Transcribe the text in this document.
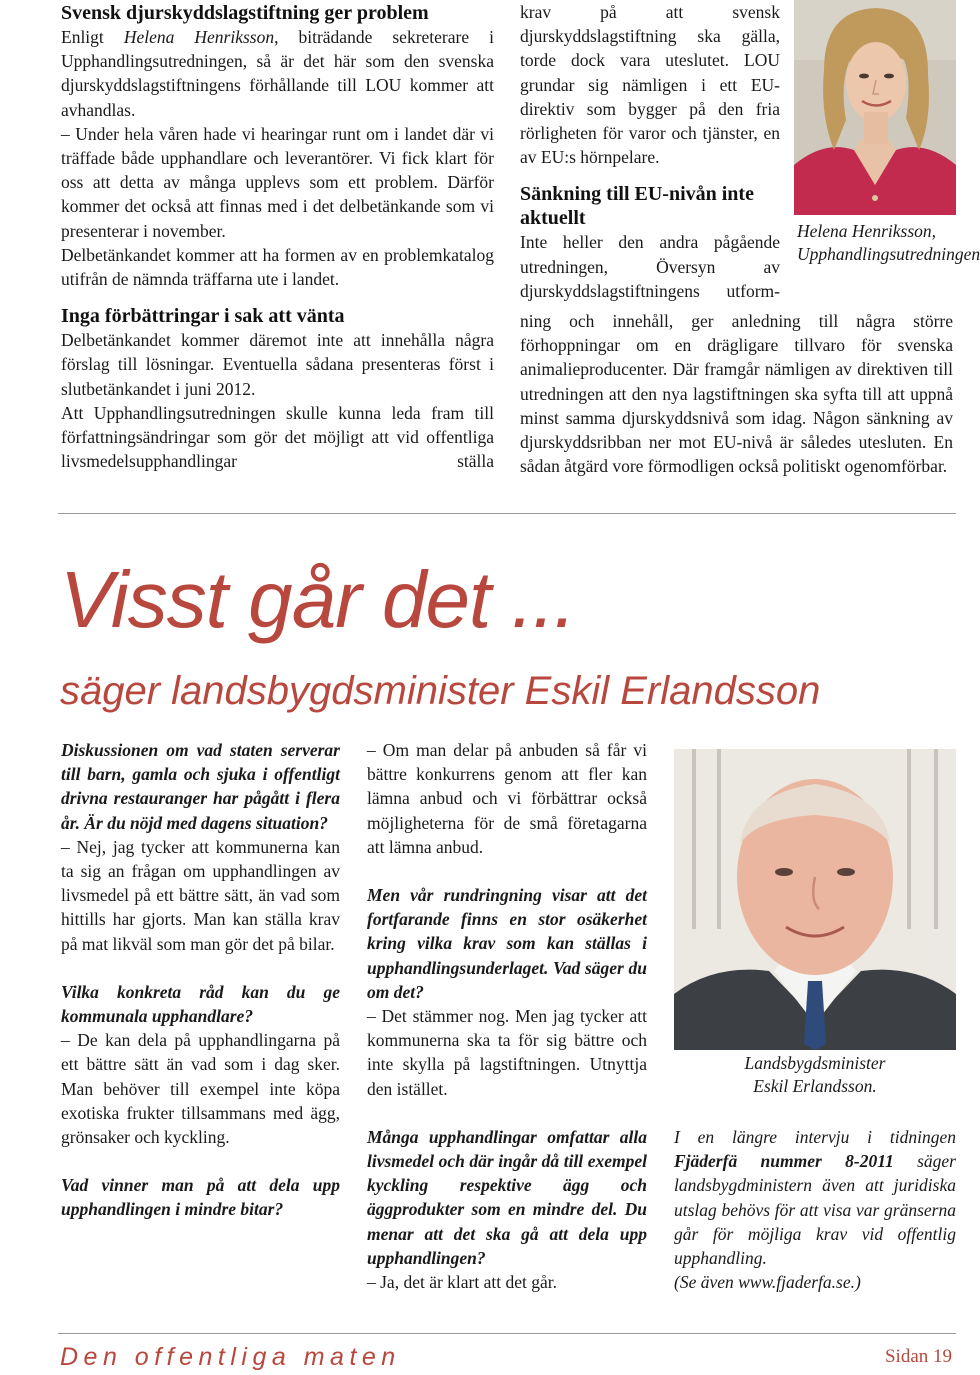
Svensk djurskyddslagstiftning ger problem

Enligt Helena Henriksson, biträdande sekreterare i Upphandlingsutredningen, så är det här som den svenska djurskyddslagstiftningens förhållande till LOU kommer att avhandlas.

– Under hela våren hade vi hearingar runt om i landet där vi träffade både upphandlare och leverantörer. Vi fick klart för oss att detta av många upplevs som ett problem. Därför kommer det också att finnas med i det delbetänkande som vi presenterar i november.

Delbetänkandet kommer att ha formen av en problemkatalog utifrån de nämnda träffarna ute i landet.

Inga förbättringar i sak att vänta

Delbetänkandet kommer däremot inte att innehålla några förslag till lösningar. Eventuella sådana presenteras först i slutbetänkandet i juni 2012.

Att Upphandlingsutredningen skulle kunna leda fram till författningsändringar som gör det möjligt att vid offentliga livsmedelsupphandlingar ställa

krav på att svensk djurskyddslagstiftning ska gälla, torde dock vara uteslutet. LOU grundar sig nämligen i ett EU-direktiv som bygger på den fria rörligheten för varor och tjänster, en av EU:s hörnpelare.

Sänkning till EU-nivån inte aktuellt

Inte heller den andra pågående utredningen, Översyn av djurskyddslagstiftningens utform-

ning och innehåll, ger anledning till några större förhoppningar om en drägligare tillvaro för svenska animalieproducenter. Där framgår nämligen av direktiven till utredningen att den nya lagstiftningen ska syfta till att uppnå minst samma djurskyddsnivå som idag. Någon sänkning av djurskyddsribban ner mot EU-nivå är således utesluten. En sådan åtgärd vore förmodligen också politiskt ogenomförbar.

Helena Henriksson, Upphandlingsutredningen
Visst går det ...
säger landsbygdsminister Eskil Erlandsson

Diskussionen om vad staten serverar till barn, gamla och sjuka i offentligt drivna restauranger har pågått i flera år. Är du nöjd med dagens situation?

– Nej, jag tycker att kommunerna kan ta sig an frågan om upphandlingen av livsmedel på ett bättre sätt, än vad som hittills har gjorts. Man kan ställa krav på mat likväl som man gör det på bilar.

Vilka konkreta råd kan du ge kommunala upphandlare?

– De kan dela på upphandlingarna på ett bättre sätt än vad som i dag sker. Man behöver till exempel inte köpa exotiska frukter tillsammans med ägg, grönsaker och kyckling.

Vad vinner man på att dela upp upphandlingen i mindre bitar?

– Om man delar på anbuden så får vi bättre konkurrens genom att fler kan lämna anbud och vi förbättrar också möjligheterna för de små företagarna att lämna anbud.

Men vår rundringning visar att det fortfarande finns en stor osäkerhet kring vilka krav som kan ställas i upphandlingsunderlaget. Vad säger du om det?

– Det stämmer nog. Men jag tycker att kommunerna ska ta för sig bättre och inte skylla på lagstiftningen. Utnyttja den istället.

Många upphandlingar omfattar alla livsmedel och där ingår då till exempel kyckling respektive ägg och äggprodukter som en mindre del. Du menar att det ska gå att dela upp upphandlingen?

– Ja, det är klart att det går.

Landsbygdsminister
Eskil Erlandsson.

I en längre intervju i tidningen Fjäderfä nummer 8-2011 säger landsbygdministern även att juridiska utslag behövs för att visa var gränserna går för möjliga krav vid offentlig upphandling.

(Se även www.fjaderfa.se.)

Den offentliga maten	Sidan 19
